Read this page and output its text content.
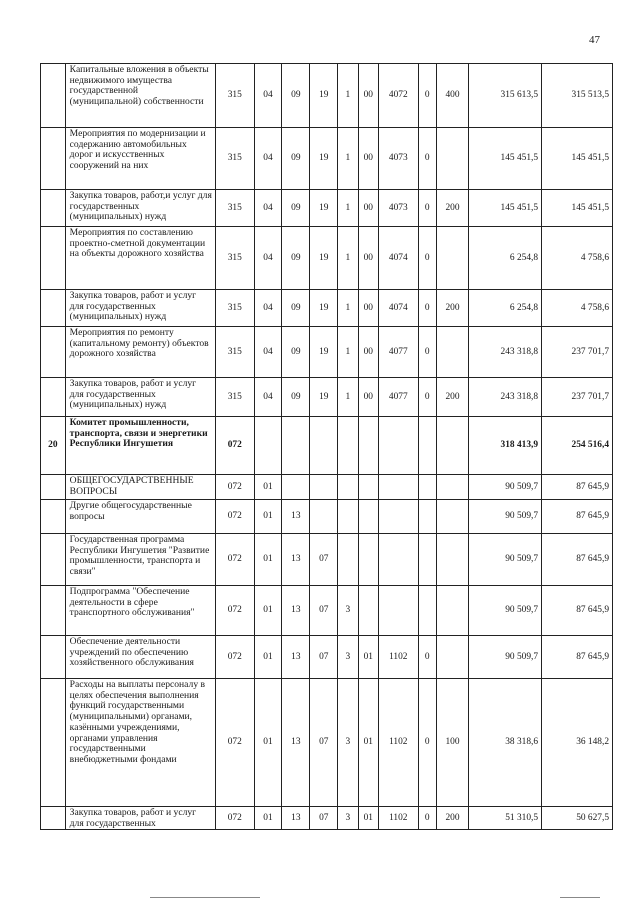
47
	Капитальные вложения в объекты недвижимого имущества государственной (муниципальной) собственности	315	04	09	19	1	00	4072	0	400	315 613,5	315 513,5
	Мероприятия по модернизации и содержанию автомобильных дорог и искусственных сооружений на них	315	04	09	19	1	00	4073	0		145 451,5	145 451,5
	Закупка товаров, работ,и услуг для государственных (муниципальных) нужд	315	04	09	19	1	00	4073	0	200	145 451,5	145 451,5
	Мероприятия по составлению проектно-сметной документации на объекты дорожного хозяйства	315	04	09	19	1	00	4074	0		6 254,8	4 758,6
	Закупка товаров, работ и услуг для государственных (муниципальных) нужд	315	04	09	19	1	00	4074	0	200	6 254,8	4 758,6
	Мероприятия по ремонту (капитальному ремонту) объектов дорожного хозяйства	315	04	09	19	1	00	4077	0		243 318,8	237 701,7
	Закупка товаров, работ и услуг для государственных (муниципальных) нужд	315	04	09	19	1	00	4077	0	200	243 318,8	237 701,7
20	Комитет промышленности, транспорта, связи и энергетики Республики Ингушетия	072									318 413,9	254 516,4
	ОБЩЕГОСУДАРСТВЕННЫЕ ВОПРОСЫ	072	01								90 509,7	87 645,9
	Другие общегосударственные вопросы	072	01	13							90 509,7	87 645,9
	Государственная программа Республики Ингушетия "Развитие промышленности, транспорта и связи"	072	01	13	07						90 509,7	87 645,9
	Подпрограмма "Обеспечение деятельности в сфере транспортного обслуживания"	072	01	13	07	3					90 509,7	87 645,9
	Обеспечение деятельности учреждений по обеспечению хозяйственного обслуживания	072	01	13	07	3	01	1102	0		90 509,7	87 645,9
	Расходы на выплаты персоналу в целях обеспечения выполнения функций государственными (муниципальными) органами, казёнными учреждениями, органами управления государственными внебюджетными фондами	072	01	13	07	3	01	1102	0	100	38 318,6	36 148,2
	Закупка товаров, работ и услуг для государственных	072	01	13	07	3	01	1102	0	200	51 310,5	50 627,5
